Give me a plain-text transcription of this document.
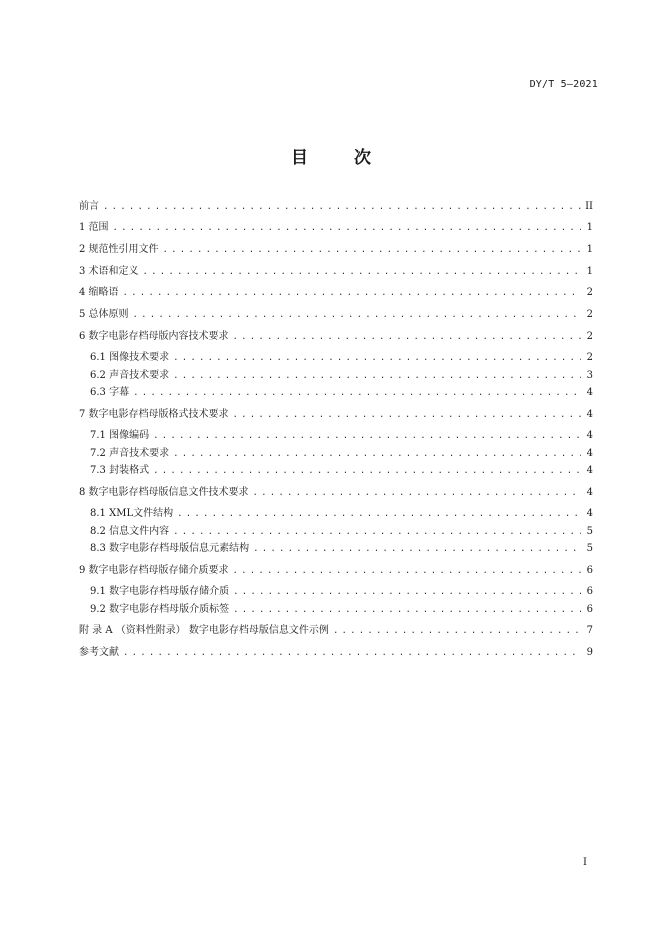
DY/T 5—2021
目 次
前言 .....	II
1 范围 .....	1
2 规范性引用文件 .....	1
3 术语和定义 .....	1
4 缩略语 .....	2
5 总体原则 .....	2
6 数字电影存档母版内容技术要求 .....	2
6.1 图像技术要求 .....	2
6.2 声音技术要求 .....	3
6.3 字幕 .....	4
7 数字电影存档母版格式技术要求 .....	4
7.1 图像编码 .....	4
7.2 声音技术要求 .....	4
7.3 封装格式 .....	4
8 数字电影存档母版信息文件技术要求 .....	4
8.1 XML文件结构 .....	4
8.2 信息文件内容 .....	5
8.3 数字电影存档母版信息元素结构 .....	5
9 数字电影存档母版存储介质要求 .....	6
9.1 数字电影存档母版存储介质 .....	6
9.2 数字电影存档母版介质标签 .....	6
附 录 A （资料性附录） 数字电影存档母版信息文件示例 .....	7
参考文献 .....	9
I
